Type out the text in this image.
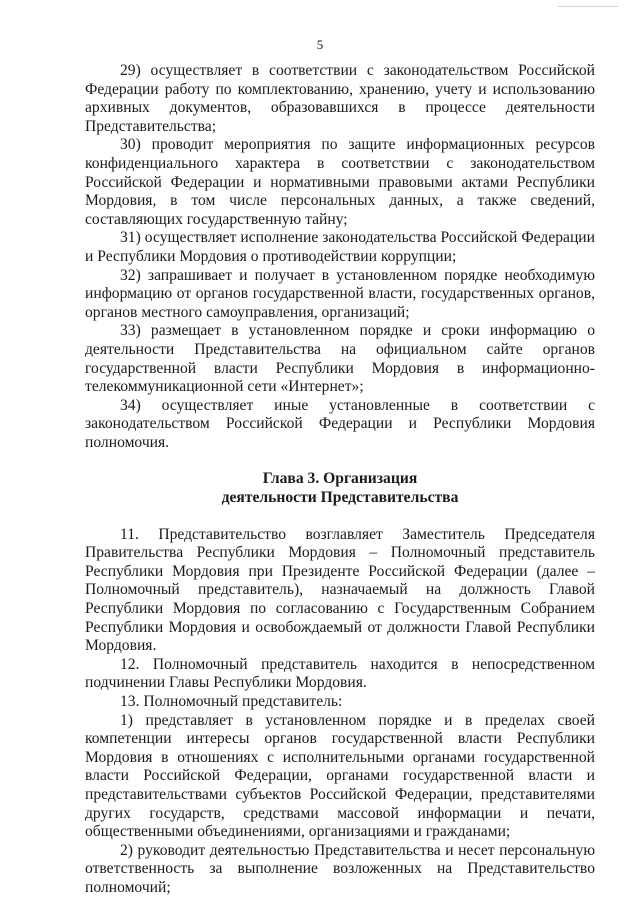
5

29) осуществляет в соответствии с законодательством Российской Федерации работу по комплектованию, хранению, учету и использованию архивных документов, образовавшихся в процессе деятельности Представительства;

30) проводит мероприятия по защите информационных ресурсов конфиденциального характера в соответствии с законодательством Российской Федерации и нормативными правовыми актами Республики Мордовия, в том числе персональных данных, а также сведений, составляющих государственную тайну;

31) осуществляет исполнение законодательства Российской Федерации и Республики Мордовия о противодействии коррупции;

32) запрашивает и получает в установленном порядке необходимую информацию от органов государственной власти, государственных органов, органов местного самоуправления, организаций;

33) размещает в установленном порядке и сроки информацию о деятельности Представительства на официальном сайте органов государственной власти Республики Мордовия в информационно-телекоммуникационной сети «Интернет»;

34) осуществляет иные установленные в соответствии с законодательством Российской Федерации и Республики Мордовия полномочия.

Глава 3. Организация
деятельности Представительства

11. Представительство возглавляет Заместитель Председателя Правительства Республики Мордовия – Полномочный представитель Республики Мордовия при Президенте Российской Федерации (далее – Полномочный представитель), назначаемый на должность Главой Республики Мордовия по согласованию с Государственным Собранием Республики Мордовия и освобождаемый от должности Главой Республики Мордовия.

12. Полномочный представитель находится в непосредственном подчинении Главы Республики Мордовия.

13. Полномочный представитель:

1) представляет в установленном порядке и в пределах своей компетенции интересы органов государственной власти Республики Мордовия в отношениях с исполнительными органами государственной власти Российской Федерации, органами государственной власти и представительствами субъектов Российской Федерации, представителями других государств, средствами массовой информации и печати, общественными объединениями, организациями и гражданами;

2) руководит деятельностью Представительства и несет персональную ответственность за выполнение возложенных на Представительство полномочий;
